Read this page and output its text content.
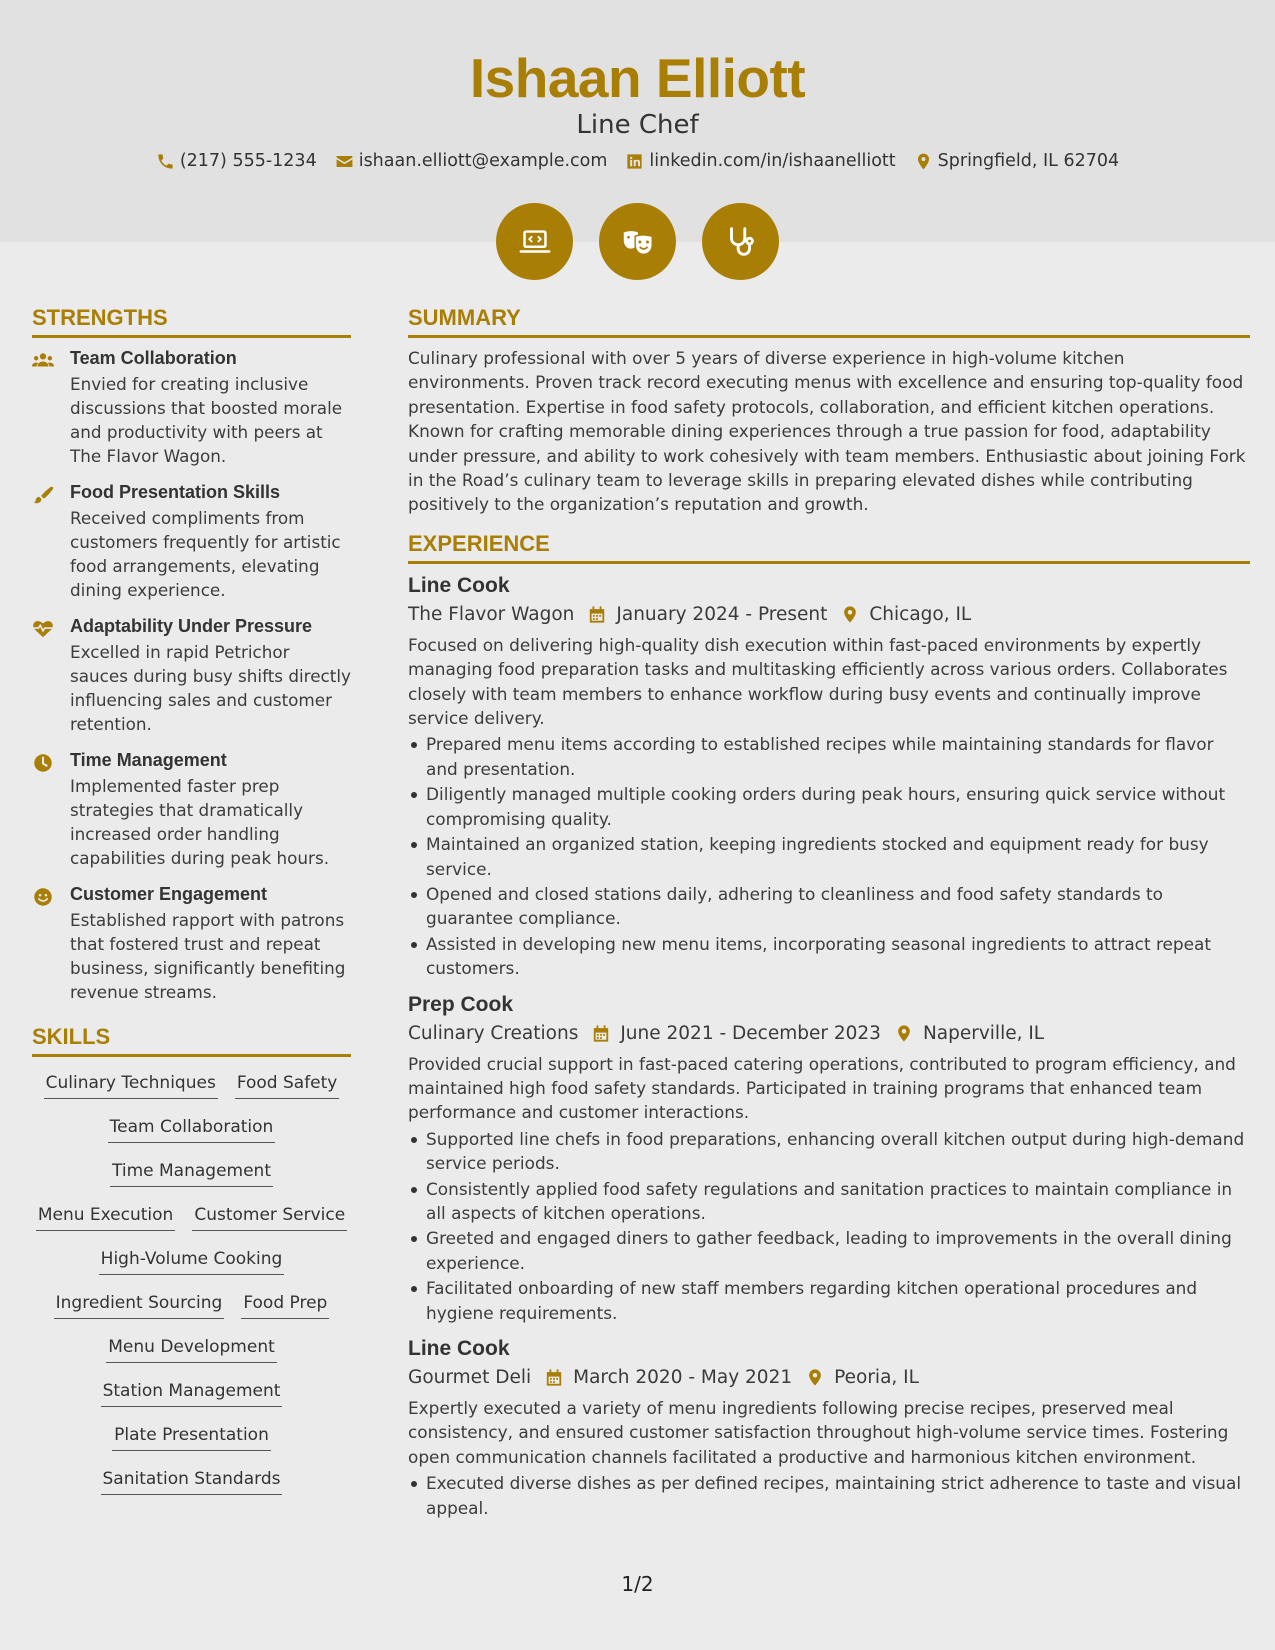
Ishaan Elliott
Line Chef
(217) 555-1234 ishaan.elliott@example.com linkedin.com/in/ishaanelliott Springfield, IL 62704
STRENGTHS
Team Collaboration
Envied for creating inclusive discussions that boosted morale and productivity with peers at The Flavor Wagon.
Food Presentation Skills
Received compliments from customers frequently for artistic food arrangements, elevating dining experience.
Adaptability Under Pressure
Excelled in rapid Petrichor sauces during busy shifts directly influencing sales and customer retention.
Time Management
Implemented faster prep strategies that dramatically increased order handling capabilities during peak hours.
Customer Engagement
Established rapport with patrons that fostered trust and repeat business, significantly benefiting revenue streams.
SKILLS
Culinary Techniques Food Safety
Team Collaboration
Time Management
Menu Execution Customer Service
High-Volume Cooking
Ingredient Sourcing Food Prep
Menu Development
Station Management
Plate Presentation
Sanitation Standards
SUMMARY
Culinary professional with over 5 years of diverse experience in high-volume kitchen environments. Proven track record executing menus with excellence and ensuring top-quality food presentation. Expertise in food safety protocols, collaboration, and efficient kitchen operations. Known for crafting memorable dining experiences through a true passion for food, adaptability under pressure, and ability to work cohesively with team members. Enthusiastic about joining Fork in the Road’s culinary team to leverage skills in preparing elevated dishes while contributing positively to the organization’s reputation and growth.
EXPERIENCE
Line Cook
The Flavor Wagon January 2024 - Present Chicago, IL
Focused on delivering high-quality dish execution within fast-paced environments by expertly managing food preparation tasks and multitasking efficiently across various orders. Collaborates closely with team members to enhance workflow during busy events and continually improve service delivery.
Prepared menu items according to established recipes while maintaining standards for flavor and presentation.
Diligently managed multiple cooking orders during peak hours, ensuring quick service without compromising quality.
Maintained an organized station, keeping ingredients stocked and equipment ready for busy service.
Opened and closed stations daily, adhering to cleanliness and food safety standards to guarantee compliance.
Assisted in developing new menu items, incorporating seasonal ingredients to attract repeat customers.
Prep Cook
Culinary Creations June 2021 - December 2023 Naperville, IL
Provided crucial support in fast-paced catering operations, contributed to program efficiency, and maintained high food safety standards. Participated in training programs that enhanced team performance and customer interactions.
Supported line chefs in food preparations, enhancing overall kitchen output during high-demand service periods.
Consistently applied food safety regulations and sanitation practices to maintain compliance in all aspects of kitchen operations.
Greeted and engaged diners to gather feedback, leading to improvements in the overall dining experience.
Facilitated onboarding of new staff members regarding kitchen operational procedures and hygiene requirements.
Line Cook
Gourmet Deli March 2020 - May 2021 Peoria, IL
Expertly executed a variety of menu ingredients following precise recipes, preserved meal consistency, and ensured customer satisfaction throughout high-volume service times. Fostering open communication channels facilitated a productive and harmonious kitchen environment.
Executed diverse dishes as per defined recipes, maintaining strict adherence to taste and visual appeal.
1/2
